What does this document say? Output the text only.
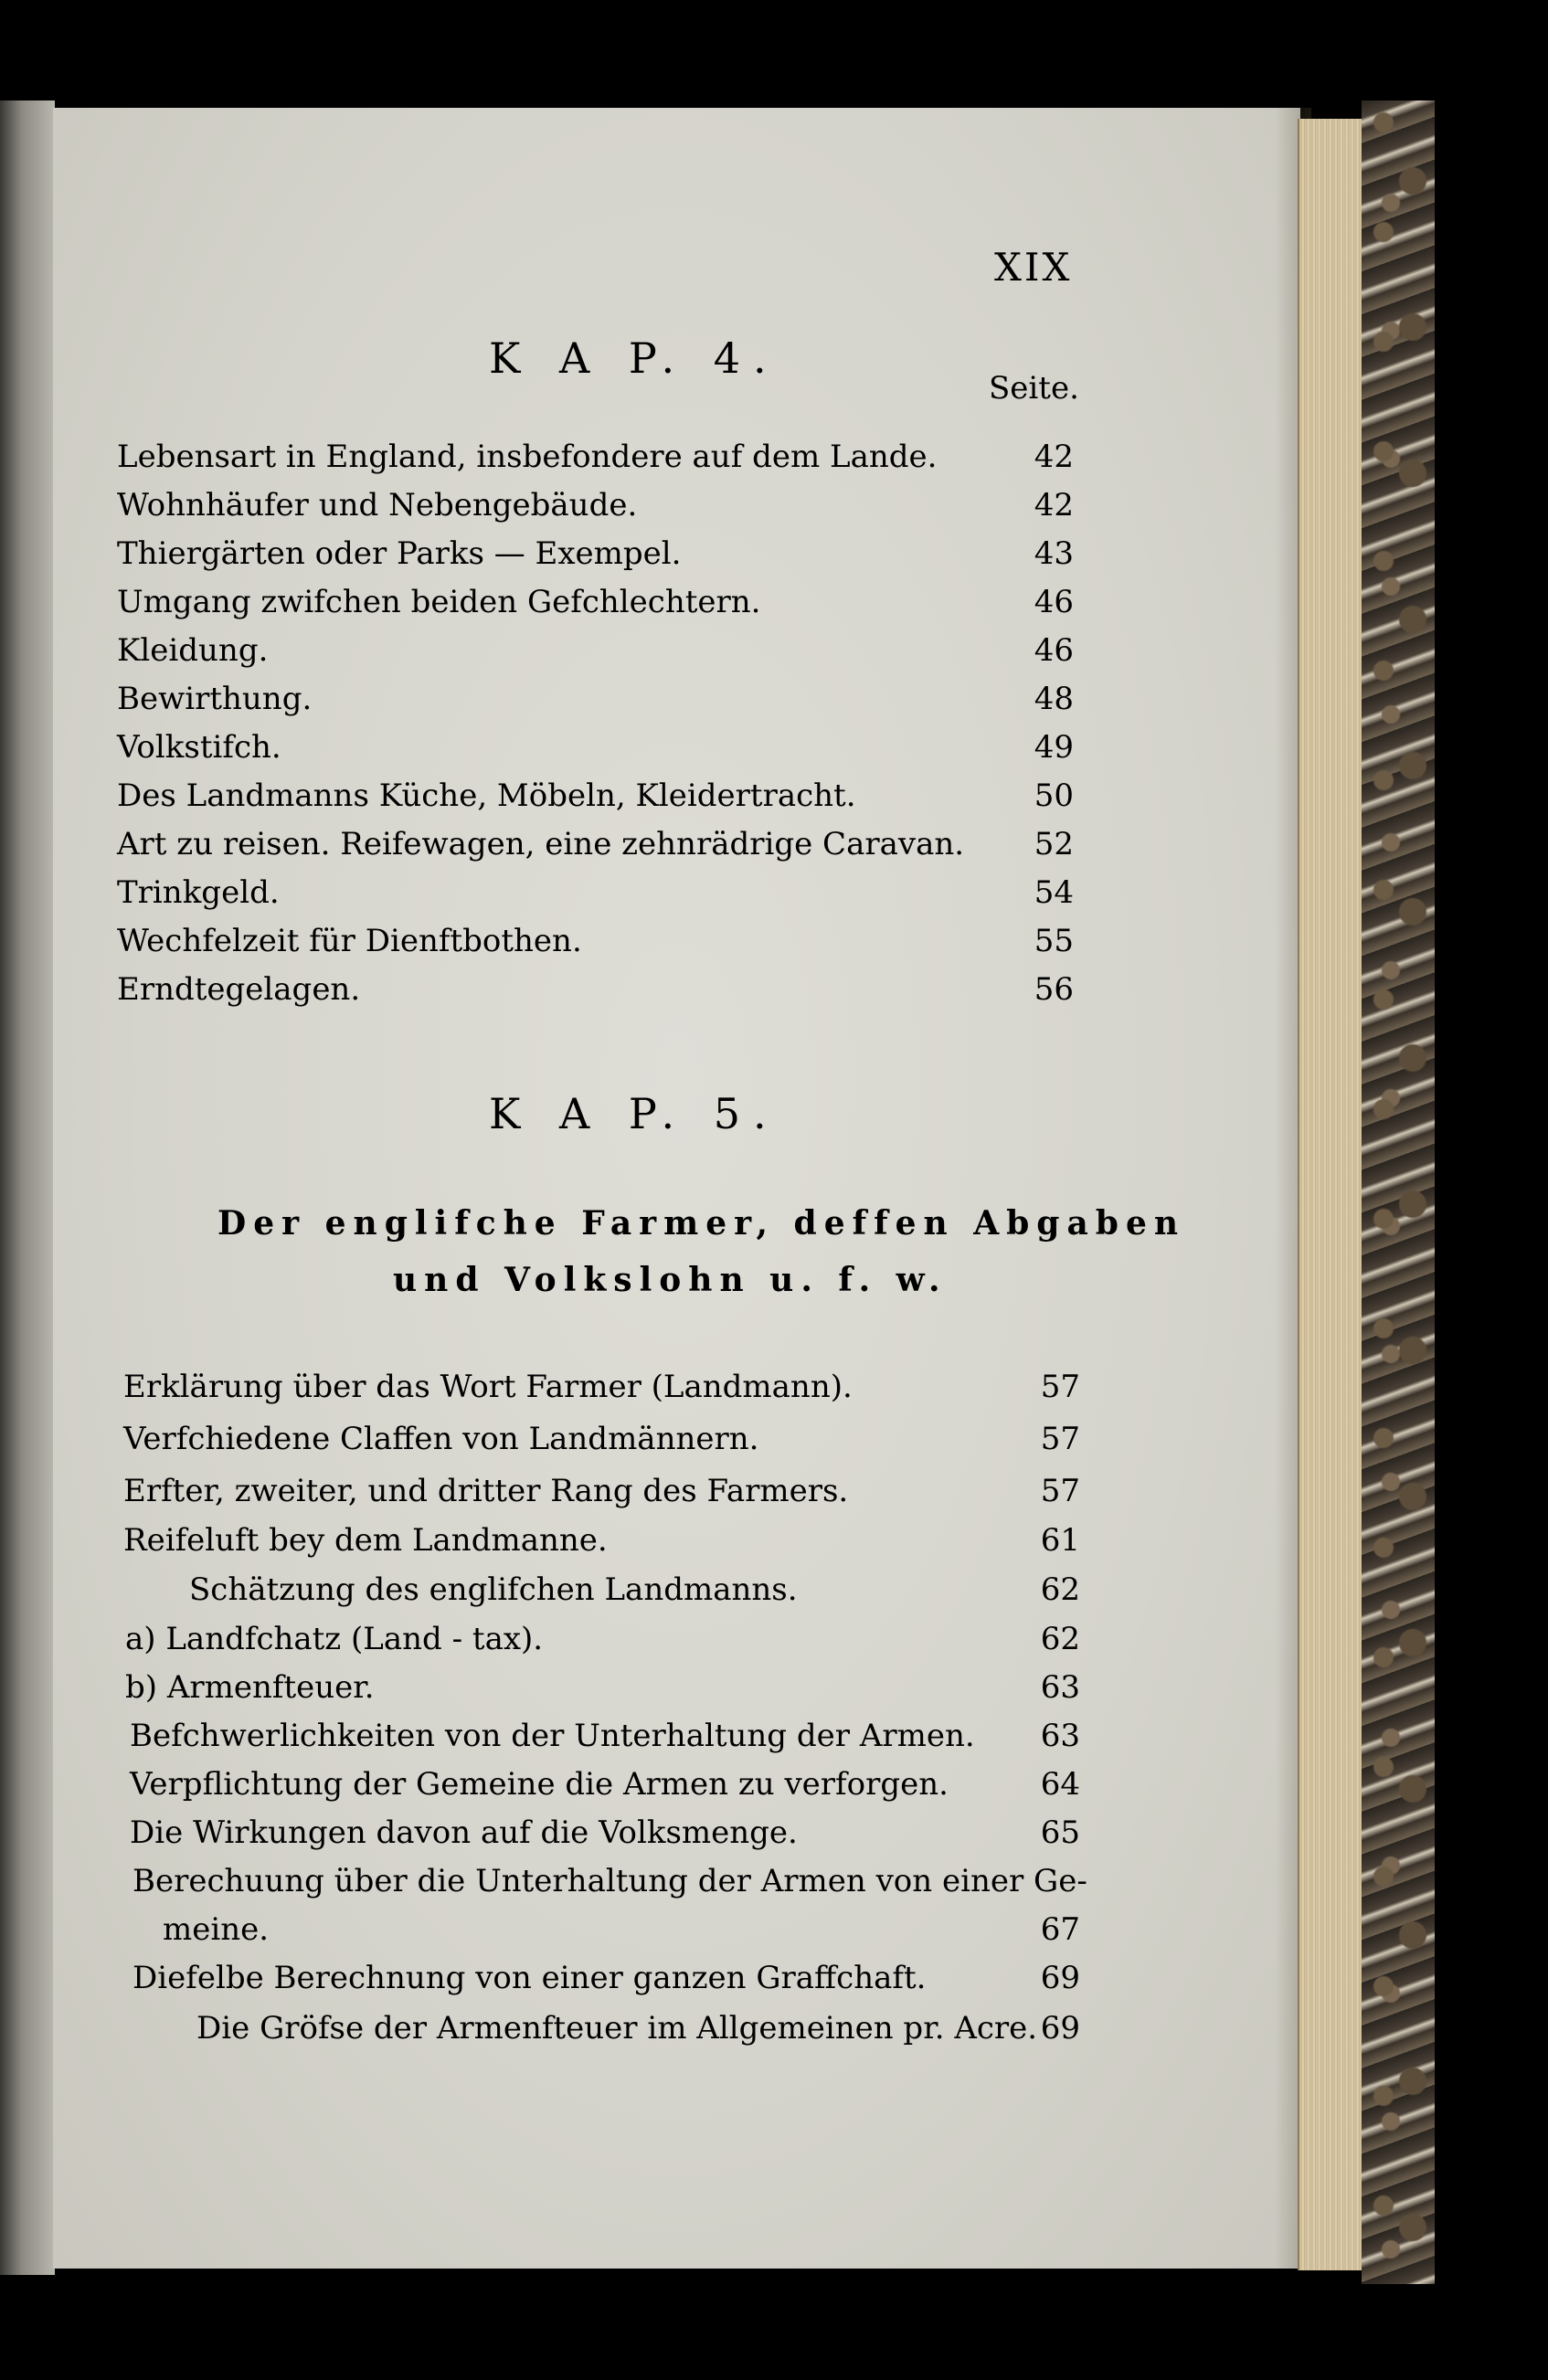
XIX
K A P. 4.
Seite.
Lebensart in England, insbefondere auf dem Lande.	42
Wohnhäufer und Nebengebäude.	42
Thiergärten oder Parks — Exempel.	43
Umgang zwifchen beiden Gefchlechtern.	46
Kleidung.	46
Bewirthung.	48
Volkstifch.	49
Des Landmanns Küche, Möbeln, Kleidertracht.	50
Art zu reisen. Reifewagen, eine zehnrädrige Caravan.	52
Trinkgeld.	54
Wechfelzeit für Dienftbothen.	55
Erndtegelagen.	56
K A P. 5.
Der englifche Farmer, deffen Abgaben
und Volkslohn u. f. w.
Erklärung über das Wort Farmer (Landmann).	57
Verfchiedene Claffen von Landmännern.	57
Erfter, zweiter, und dritter Rang des Farmers.	57
Reifeluft bey dem Landmanne.	61
Schätzung des englifchen Landmanns.	62
a) Landfchatz (Land - tax).	62
b) Armenfteuer.	63
Befchwerlichkeiten von der Unterhaltung der Armen.	63
Verpflichtung der Gemeine die Armen zu verforgen.	64
Die Wirkungen davon auf die Volksmenge.	65
Berechuung über die Unterhaltung der Armen von einer Ge-
meine.	67
Diefelbe Berechnung von einer ganzen Graffchaft.	69
Die Gröfse der Armenfteuer im Allgemeinen pr. Acre. 69
